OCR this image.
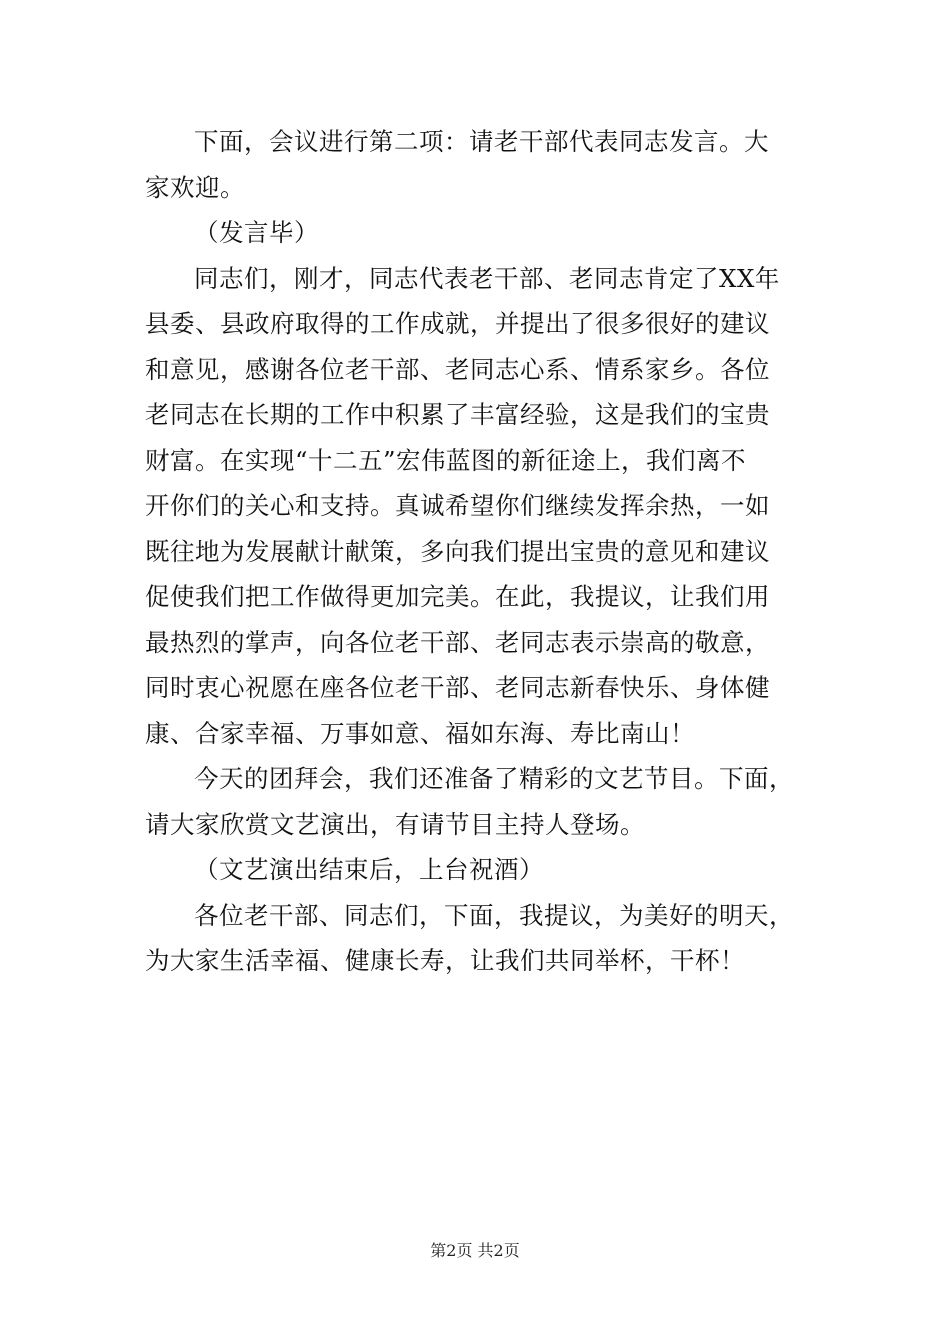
下面，会议进行第二项：请老干部代表同志发言。大
家欢迎。
（发言毕）
同志们，刚才，同志代表老干部、老同志肯定了XX年
县委、县政府取得的工作成就，并提出了很多很好的建议
和意见，感谢各位老干部、老同志心系、情系家乡。各位
老同志在长期的工作中积累了丰富经验，这是我们的宝贵
财富。在实现“十二五”宏伟蓝图的新征途上，我们离不
开你们的关心和支持。真诚希望你们继续发挥余热，一如
既往地为发展献计献策，多向我们提出宝贵的意见和建议
促使我们把工作做得更加完美。在此，我提议，让我们用
最热烈的掌声，向各位老干部、老同志表示崇高的敬意，
同时衷心祝愿在座各位老干部、老同志新春快乐、身体健
康、合家幸福、万事如意、福如东海、寿比南山！
今天的团拜会，我们还准备了精彩的文艺节目。下面，
请大家欣赏文艺演出，有请节目主持人登场。
（文艺演出结束后，上台祝酒）
各位老干部、同志们，下面，我提议，为美好的明天，
为大家生活幸福、健康长寿，让我们共同举杯，干杯！
第2页 共2页
